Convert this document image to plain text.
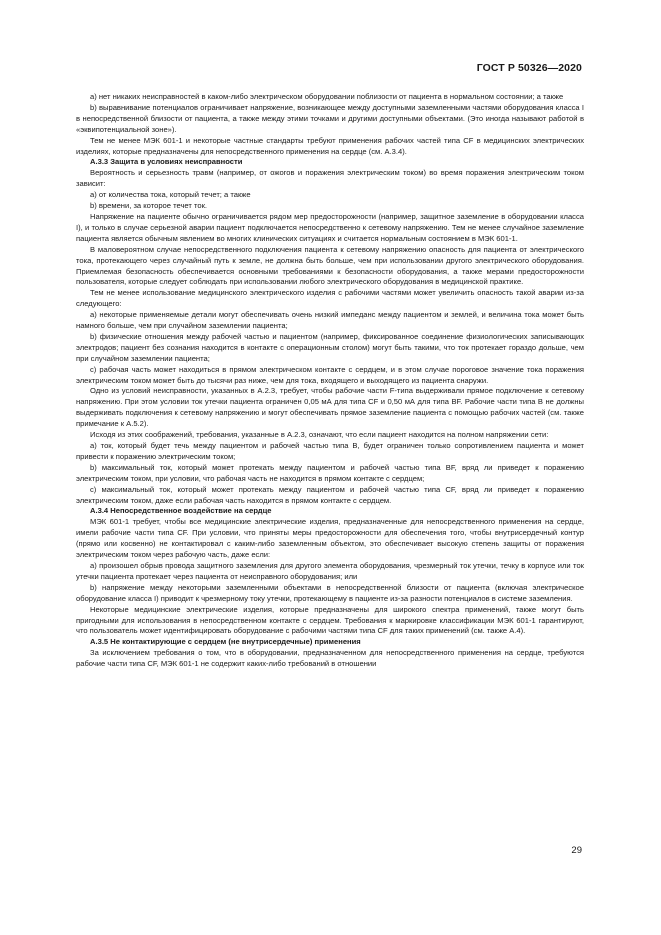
ГОСТ Р 50326—2020

a) нет никаких неисправностей в каком-либо электрическом оборудовании поблизости от пациента в нормальном состоянии; а также

b) выравнивание потенциалов ограничивает напряжение, возникающее между доступными заземленными частями оборудования класса I в непосредственной близости от пациента, а также между этими точками и другими доступными объектами. (Это иногда называют работой в «эквипотенциальной зоне»).

Тем не менее МЭК 601-1 и некоторые частные стандарты требуют применения рабочих частей типа CF в медицинских электрических изделиях, которые предназначены для непосредственного применения на сердце (см. А.3.4).

А.3.3 Защита в условиях неисправности

Вероятность и серьезность травм (например, от ожогов и поражения электрическим током) во время поражения электрическим током зависит:

a) от количества тока, который течет; а также

b) времени, за которое течет ток.

Напряжение на пациенте обычно ограничивается рядом мер предосторожности (например, защитное заземление в оборудовании класса I), и только в случае серьезной аварии пациент подключается непосредственно к сетевому напряжению. Тем не менее случайное заземление пациента является обычным явлением во многих клинических ситуациях и считается нормальным состоянием в МЭК 601-1.

В маловероятном случае непосредственного подключения пациента к сетевому напряжению опасность для пациента от электрического тока, протекающего через случайный путь к земле, не должна быть больше, чем при использовании другого электрического оборудования. Приемлемая безопасность обеспечивается основными требованиями к безопасности оборудования, а также мерами предосторожности пользователя, которые следует соблюдать при использовании любого электрического оборудования в медицинской практике.

Тем не менее использование медицинского электрического изделия с рабочими частями может увеличить опасность такой аварии из-за следующего:

a) некоторые применяемые детали могут обеспечивать очень низкий импеданс между пациентом и землей, и величина тока может быть намного больше, чем при случайном заземлении пациента;

b) физические отношения между рабочей частью и пациентом (например, фиксированное соединение физиологических записывающих электродов; пациент без сознания находится в контакте с операционным столом) могут быть такими, что ток протекает гораздо дольше, чем при случайном заземлении пациента;

c) рабочая часть может находиться в прямом электрическом контакте с сердцем, и в этом случае пороговое значение тока поражения электрическим током может быть до тысячи раз ниже, чем для тока, входящего и выходящего из пациента снаружи.

Одно из условий неисправности, указанных в А.2.3, требует, чтобы рабочие части F-типа выдерживали прямое подключение к сетевому напряжению. При этом условии ток утечки пациента ограничен 0,05 мА для типа CF и 0,50 мА для типа BF. Рабочие части типа B не должны выдерживать подключения к сетевому напряжению и могут обеспечивать прямое заземление пациента с помощью рабочих частей (см. также примечание к А.5.2).

Исходя из этих соображений, требования, указанные в А.2.3, означают, что если пациент находится на полном напряжении сети:

a) ток, который будет течь между пациентом и рабочей частью типа B, будет ограничен только сопротивлением пациента и может привести к поражению электрическим током;

b) максимальный ток, который может протекать между пациентом и рабочей частью типа BF, вряд ли приведет к поражению электрическим током, при условии, что рабочая часть не находится в прямом контакте с сердцем;

c) максимальный ток, который может протекать между пациентом и рабочей частью типа CF, вряд ли приведет к поражению электрическим током, даже если рабочая часть находится в прямом контакте с сердцем.

А.3.4 Непосредственное воздействие на сердце

МЭК 601-1 требует, чтобы все медицинские электрические изделия, предназначенные для непосредственного применения на сердце, имели рабочие части типа CF. При условии, что приняты меры предосторожности для обеспечения того, чтобы внутрисердечный контур (прямо или косвенно) не контактировал с каким-либо заземленным объектом, это обеспечивает высокую степень защиты от поражения электрическим током через рабочую часть, даже если:

a) произошел обрыв провода защитного заземления для другого элемента оборудования, чрезмерный ток утечки, течку в корпусе или ток утечки пациента протекает через пациента от неисправного оборудования; или

b) напряжение между некоторыми заземленными объектами в непосредственной близости от пациента (включая электрическое оборудование класса I) приводит к чрезмерному току утечки, протекающему в пациенте из-за разности потенциалов в системе заземления.

Некоторые медицинские электрические изделия, которые предназначены для широкого спектра применений, также могут быть пригодными для использования в непосредственном контакте с сердцем. Требования к маркировке классификации МЭК 601-1 гарантируют, что пользователь может идентифицировать оборудование с рабочими частями типа CF для таких применений (см. также А.4).

А.3.5 Не контактирующие с сердцем (не внутрисердечные) применения

За исключением требования о том, что в оборудовании, предназначенном для непосредственного применения на сердце, требуются рабочие части типа CF, МЭК 601-1 не содержит каких-либо требований в отношении

29
